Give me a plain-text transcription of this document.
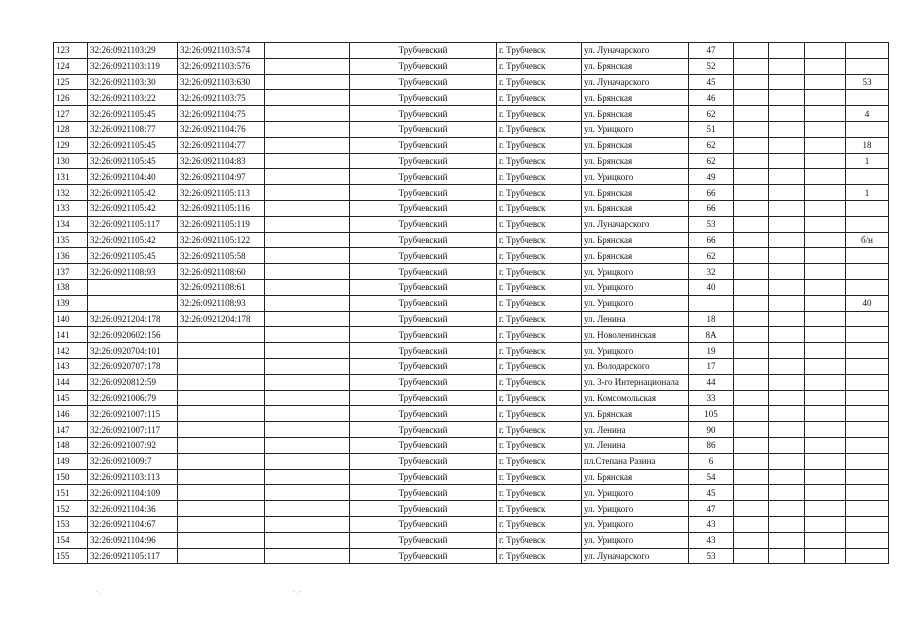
123	32:26:0921103:29	32:26:0921103:574		Трубчевский	г. Трубчевск	ул. Луначарского	47				
124	32:26:0921103:119	32:26:0921103:576		Трубчевский	г. Трубчевск	ул. Брянская	52				
125	32:26:0921103:30	32:26:0921103:630		Трубчевский	г. Трубчевск	ул. Луначарского	45				53
126	32:26:0921103:22	32:26:0921103:75		Трубчевский	г. Трубчевск	ул. Брянская	46				
127	32:26:0921105:45	32:26:0921104:75		Трубчевский	г. Трубчевск	ул. Брянская	62				4
128	32:26:0921108:77	32:26:0921104:76		Трубчевский	г. Трубчевск	ул. Урицкого	51				
129	32:26:0921105:45	32:26:0921104:77		Трубчевский	г. Трубчевск	ул. Брянская	62				18
130	32:26:0921105:45	32:26:0921104:83		Трубчевский	г. Трубчевск	ул. Брянская	62				1
131	32:26:0921104:40	32:26:0921104:97		Трубчевский	г. Трубчевск	ул. Урицкого	49				
132	32:26:0921105:42	32:26:0921105:113		Трубчевский	г. Трубчевск	ул. Брянская	66				1
133	32:26:0921105:42	32:26:0921105:116		Трубчевский	г. Трубчевск	ул. Брянская	66				
134	32:26:0921105:117	32:26:0921105:119		Трубчевский	г. Трубчевск	ул. Луначарского	53				
135	32:26:0921105:42	32:26:0921105:122		Трубчевский	г. Трубчевск	ул. Брянская	66				б/н
136	32:26:0921105:45	32:26:0921105:58		Трубчевский	г. Трубчевск	ул. Брянская	62				
137	32:26:0921108:93	32:26:0921108:60		Трубчевский	г. Трубчевск	ул. Урицкого	32				
138		32:26:0921108:61		Трубчевский	г. Трубчевск	ул. Урицкого	40				
139		32:26:0921108:93		Трубчевский	г. Трубчевск	ул. Урицкого					40
140	32:26:0921204:178	32:26:0921204:178		Трубчевский	г. Трубчевск	ул. Ленина	18				
141	32:26:0920602:156			Трубчевский	г. Трубчевск	ул. Новоленинская	8А				
142	32:26:0920704:101			Трубчевский	г. Трубчевск	ул. Урицкого	19				
143	32:26:0920707:178			Трубчевский	г. Трубчевск	ул. Володарского	17				
144	32:26:0920812:59			Трубчевский	г. Трубчевск	ул. 3-го Интернационала	44				
145	32:26:0921006:79			Трубчевский	г. Трубчевск	ул. Комсомольская	33				
146	32:26:0921007:115			Трубчевский	г. Трубчевск	ул. Брянская	105				
147	32:26:0921007:117			Трубчевский	г. Трубчевск	ул. Ленина	90				
148	32:26:0921007:92			Трубчевский	г. Трубчевск	ул. Ленина	86				
149	32:26:0921009:7			Трубчевский	г. Трубчевск	пл.Степана Разина	6				
150	32:26:0921103:113			Трубчевский	г. Трубчевск	ул. Брянская	54				
151	32:26:0921104:109			Трубчевский	г. Трубчевск	ул. Урицкого	45				
152	32:26:0921104:36			Трубчевский	г. Трубчевск	ул. Урицкого	47				
153	32:26:0921104:67			Трубчевский	г. Трубчевск	ул. Урицкого	43				
154	32:26:0921104:96			Трубчевский	г. Трубчевск	ул. Урицкого	43				
155	32:26:0921105:117			Трубчевский	г. Трубчевск	ул. Луначарского	53				
· .	· .·
